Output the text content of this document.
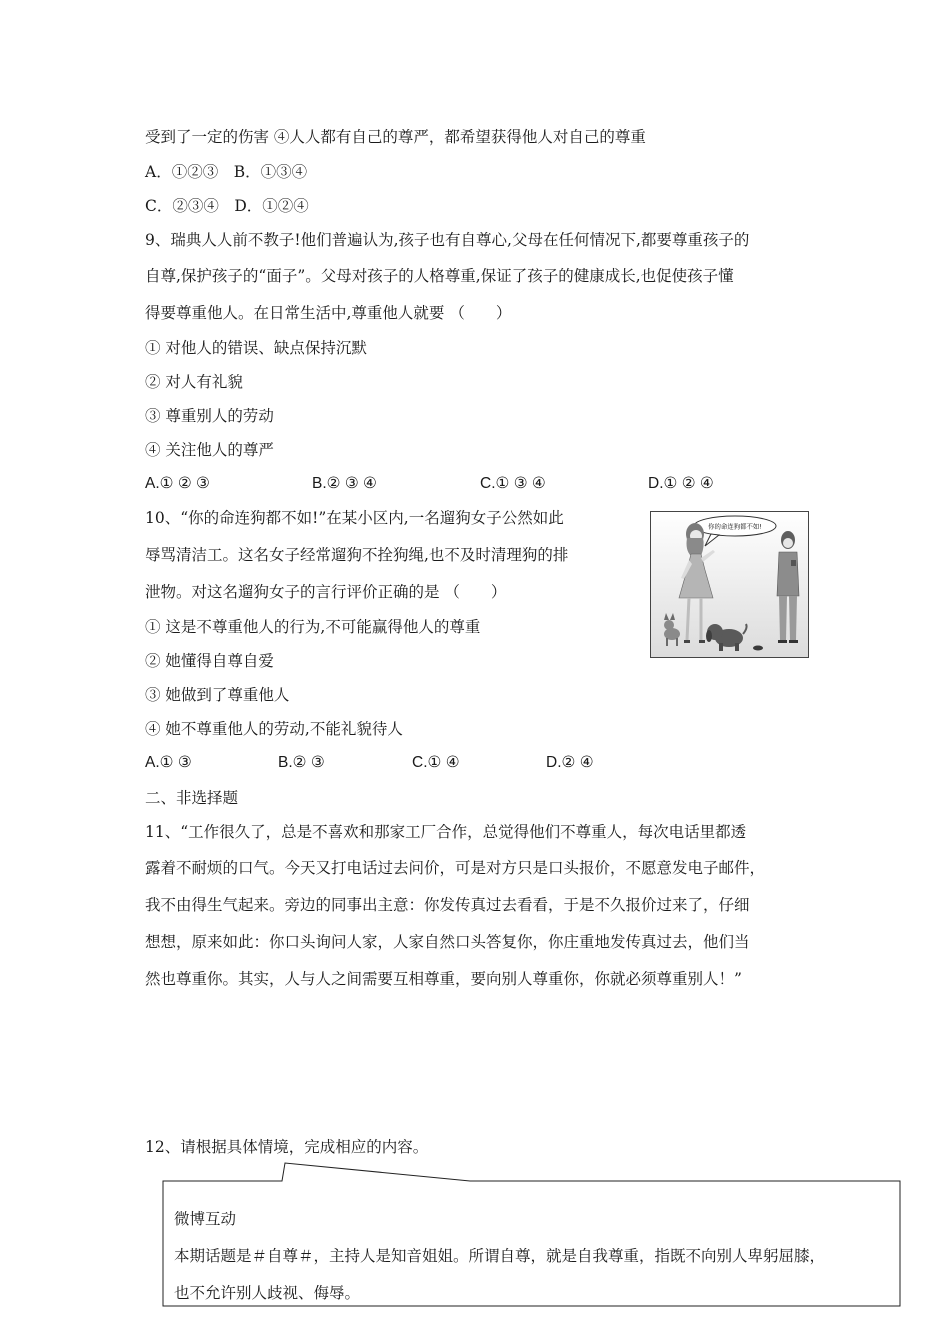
受到了一定的伤害 ④人人都有自己的尊严，都希望获得他人对自己的尊重
A．①②③　B．①③④
C．②③④　D．①②④
9、瑞典人人前不教子!他们普遍认为,孩子也有自尊心,父母在任何情况下,都要尊重孩子的
自尊,保护孩子的“面子”。父母对孩子的人格尊重,保证了孩子的健康成长,也促使孩子懂
得要尊重他人。在日常生活中,尊重他人就要 （　　）
① 对他人的错误、缺点保持沉默
② 对人有礼貌
③ 尊重别人的劳动
④ 关注他人的尊严
A.① ② ③	B.② ③ ④	C.① ③ ④	D.① ② ④
10、“你的命连狗都不如!”在某小区内,一名遛狗女子公然如此
辱骂清洁工。这名女子经常遛狗不拴狗绳,也不及时清理狗的排
泄物。对这名遛狗女子的言行评价正确的是 （　　）
① 这是不尊重他人的行为,不可能赢得他人的尊重
② 她懂得自尊自爱
③ 她做到了尊重他人
④ 她不尊重他人的劳动,不能礼貌待人
A.① ③	B.② ③	C.① ④	D.② ④
你的命连狗都不如!
二、非选择题
11、“工作很久了，总是不喜欢和那家工厂合作，总觉得他们不尊重人，每次电话里都透
露着不耐烦的口气。今天又打电话过去问价，可是对方只是口头报价，不愿意发电子邮件，
我不由得生气起来。旁边的同事出主意：你发传真过去看看，于是不久报价过来了，仔细
想想，原来如此：你口头询问人家，人家自然口头答复你，你庄重地发传真过去，他们当
然也尊重你。其实，人与人之间需要互相尊重，要向别人尊重你，你就必须尊重别人！”
12、请根据具体情境，完成相应的内容。
微博互动
本期话题是＃自尊＃，主持人是知音姐姐。所谓自尊，就是自我尊重，指既不向别人卑躬屈膝，
也不允许别人歧视、侮辱。
